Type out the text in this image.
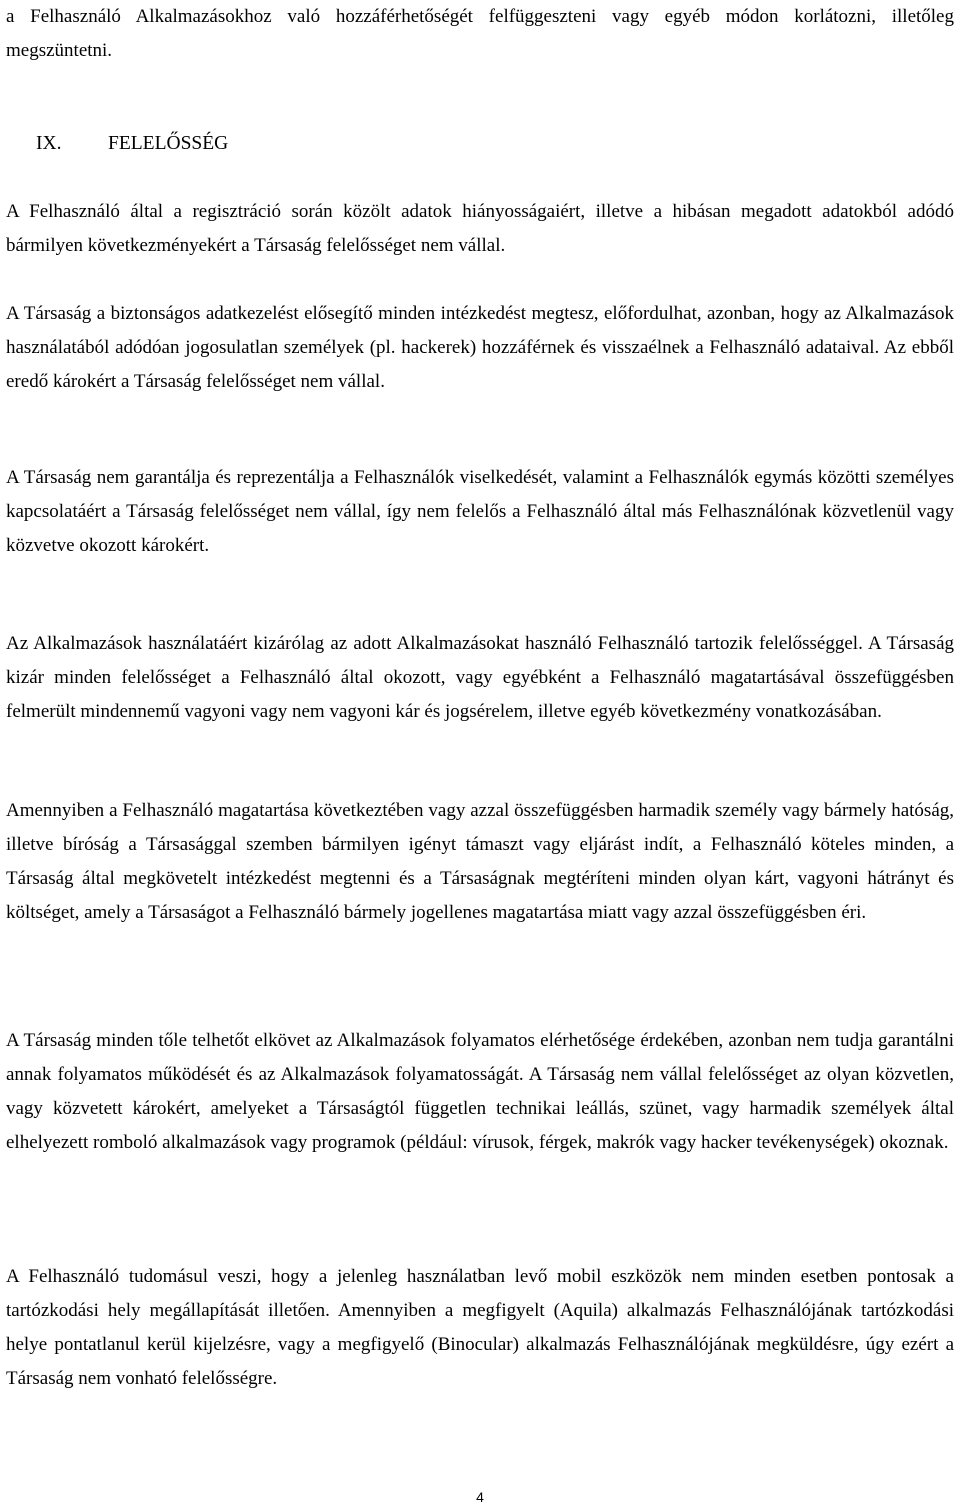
a Felhasználó Alkalmazásokhoz való hozzáférhetőségét felfüggeszteni vagy egyéb módon korlátozni, illetőleg megszüntetni.

IX. FELELŐSSÉG

A Felhasználó által a regisztráció során közölt adatok hiányosságaiért, illetve a hibásan megadott adatokból adódó bármilyen következményekért a Társaság felelősséget nem vállal.

A Társaság a biztonságos adatkezelést elősegítő minden intézkedést megtesz, előfordulhat, azonban, hogy az Alkalmazások használatából adódóan jogosulatlan személyek (pl. hackerek) hozzáférnek és visszaélnek a Felhasználó adataival. Az ebből eredő károkért a Társaság felelősséget nem vállal.

A Társaság nem garantálja és reprezentálja a Felhasználók viselkedését, valamint a Felhasználók egymás közötti személyes kapcsolatáért a Társaság felelősséget nem vállal, így nem felelős a Felhasználó által más Felhasználónak közvetlenül vagy közvetve okozott károkért.

Az Alkalmazások használatáért kizárólag az adott Alkalmazásokat használó Felhasználó tartozik felelősséggel. A Társaság kizár minden felelősséget a Felhasználó által okozott, vagy egyébként a Felhasználó magatartásával összefüggésben felmerült mindennemű vagyoni vagy nem vagyoni kár és jogsérelem, illetve egyéb következmény vonatkozásában.

Amennyiben a Felhasználó magatartása következtében vagy azzal összefüggésben harmadik személy vagy bármely hatóság, illetve bíróság a Társasággal szemben bármilyen igényt támaszt vagy eljárást indít, a Felhasználó köteles minden, a Társaság által megkövetelt intézkedést megtenni és a Társaságnak megtéríteni minden olyan kárt, vagyoni hátrányt és költséget, amely a Társaságot a Felhasználó bármely jogellenes magatartása miatt vagy azzal összefüggésben éri.

A Társaság minden tőle telhetőt elkövet az Alkalmazások folyamatos elérhetősége érdekében, azonban nem tudja garantálni annak folyamatos működését és az Alkalmazások folyamatosságát. A Társaság nem vállal felelősséget az olyan közvetlen, vagy közvetett károkért, amelyeket a Társaságtól független technikai leállás, szünet, vagy harmadik személyek által elhelyezett romboló alkalmazások vagy programok (például: vírusok, férgek, makrók vagy hacker tevékenységek) okoznak.

A Felhasználó tudomásul veszi, hogy a jelenleg használatban levő mobil eszközök nem minden esetben pontosak a tartózkodási hely megállapítását illetően. Amennyiben a megfigyelt (Aquila) alkalmazás Felhasználójának tartózkodási helye pontatlanul kerül kijelzésre, vagy a megfigyelő (Binocular) alkalmazás Felhasználójának megküldésre, úgy ezért a Társaság nem vonható felelősségre.

4
